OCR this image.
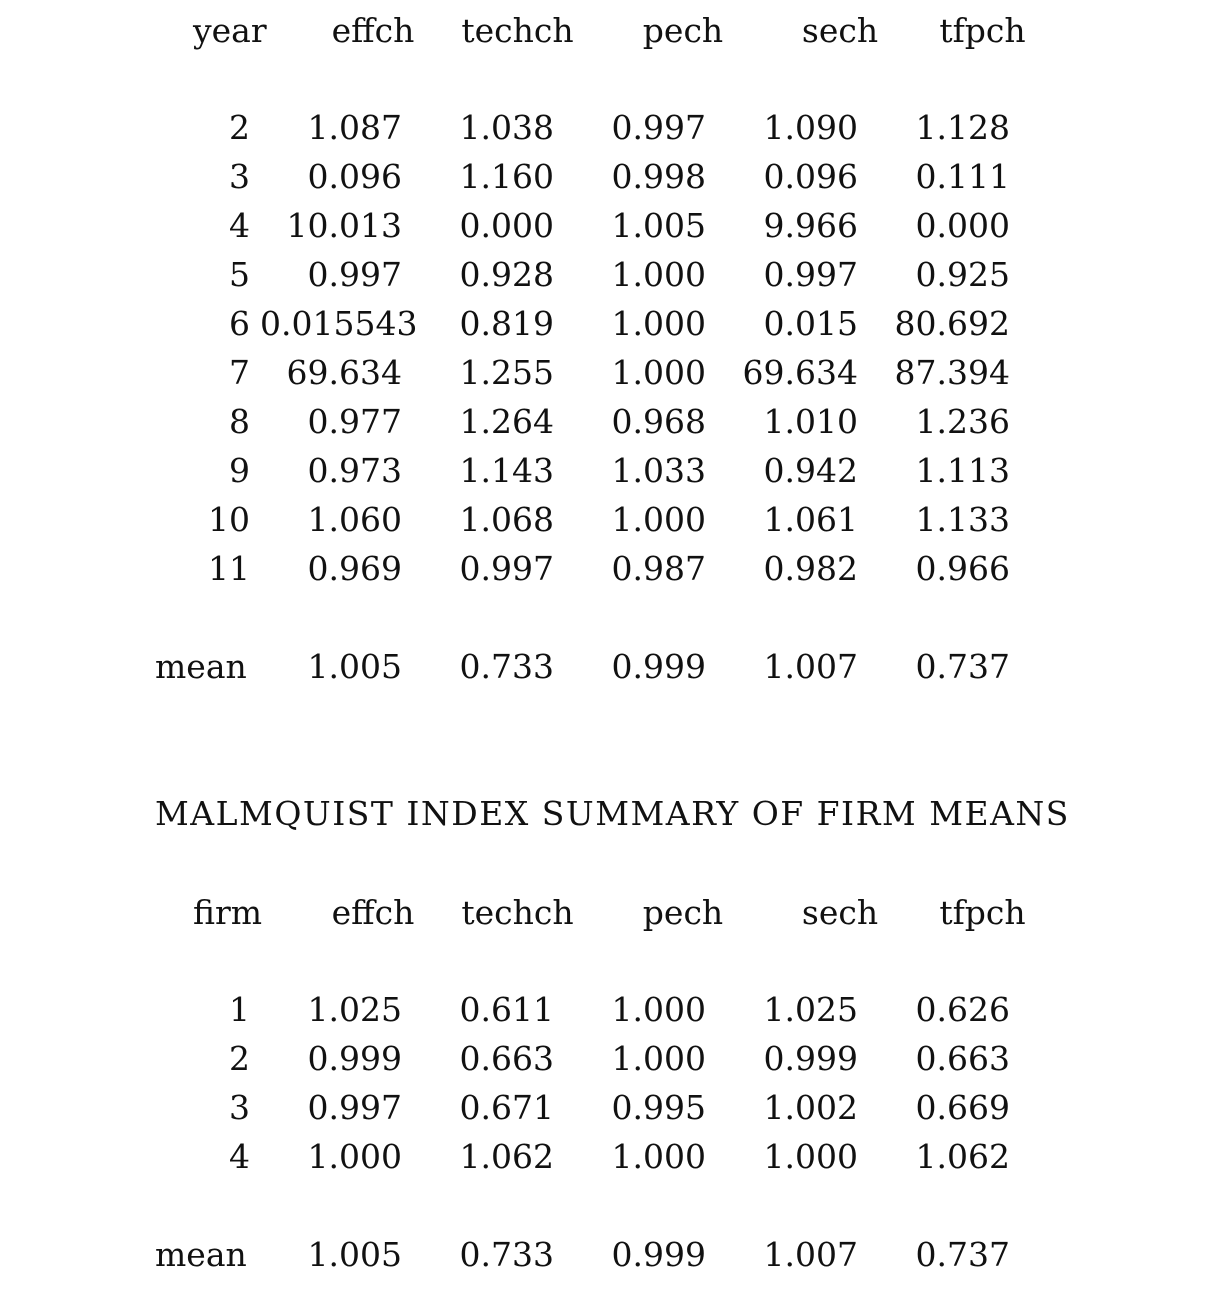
year	effch	techch	pech	sech	tfpch
2	1.087	1.038	0.997	1.090	1.128
3	0.096	1.160	0.998	0.096	0.111
4	10.013	0.000	1.005	9.966	0.000
5	0.997	0.928	1.000	0.997	0.925
6 0.015543	0.819	1.000	0.015	80.692
7	69.634	1.255	1.000	69.634	87.394
8	0.977	1.264	0.968	1.010	1.236
9	0.973	1.143	1.033	0.942	1.113
10	1.060	1.068	1.000	1.061	1.133
11	0.969	0.997	0.987	0.982	0.966
mean	1.005	0.733	0.999	1.007	0.737
MALMQUIST INDEX SUMMARY OF FIRM MEANS
firm	effch	techch	pech	sech	tfpch
1	1.025	0.611	1.000	1.025	0.626
2	0.999	0.663	1.000	0.999	0.663
3	0.997	0.671	0.995	1.002	0.669
4	1.000	1.062	1.000	1.000	1.062
mean	1.005	0.733	0.999	1.007	0.737
